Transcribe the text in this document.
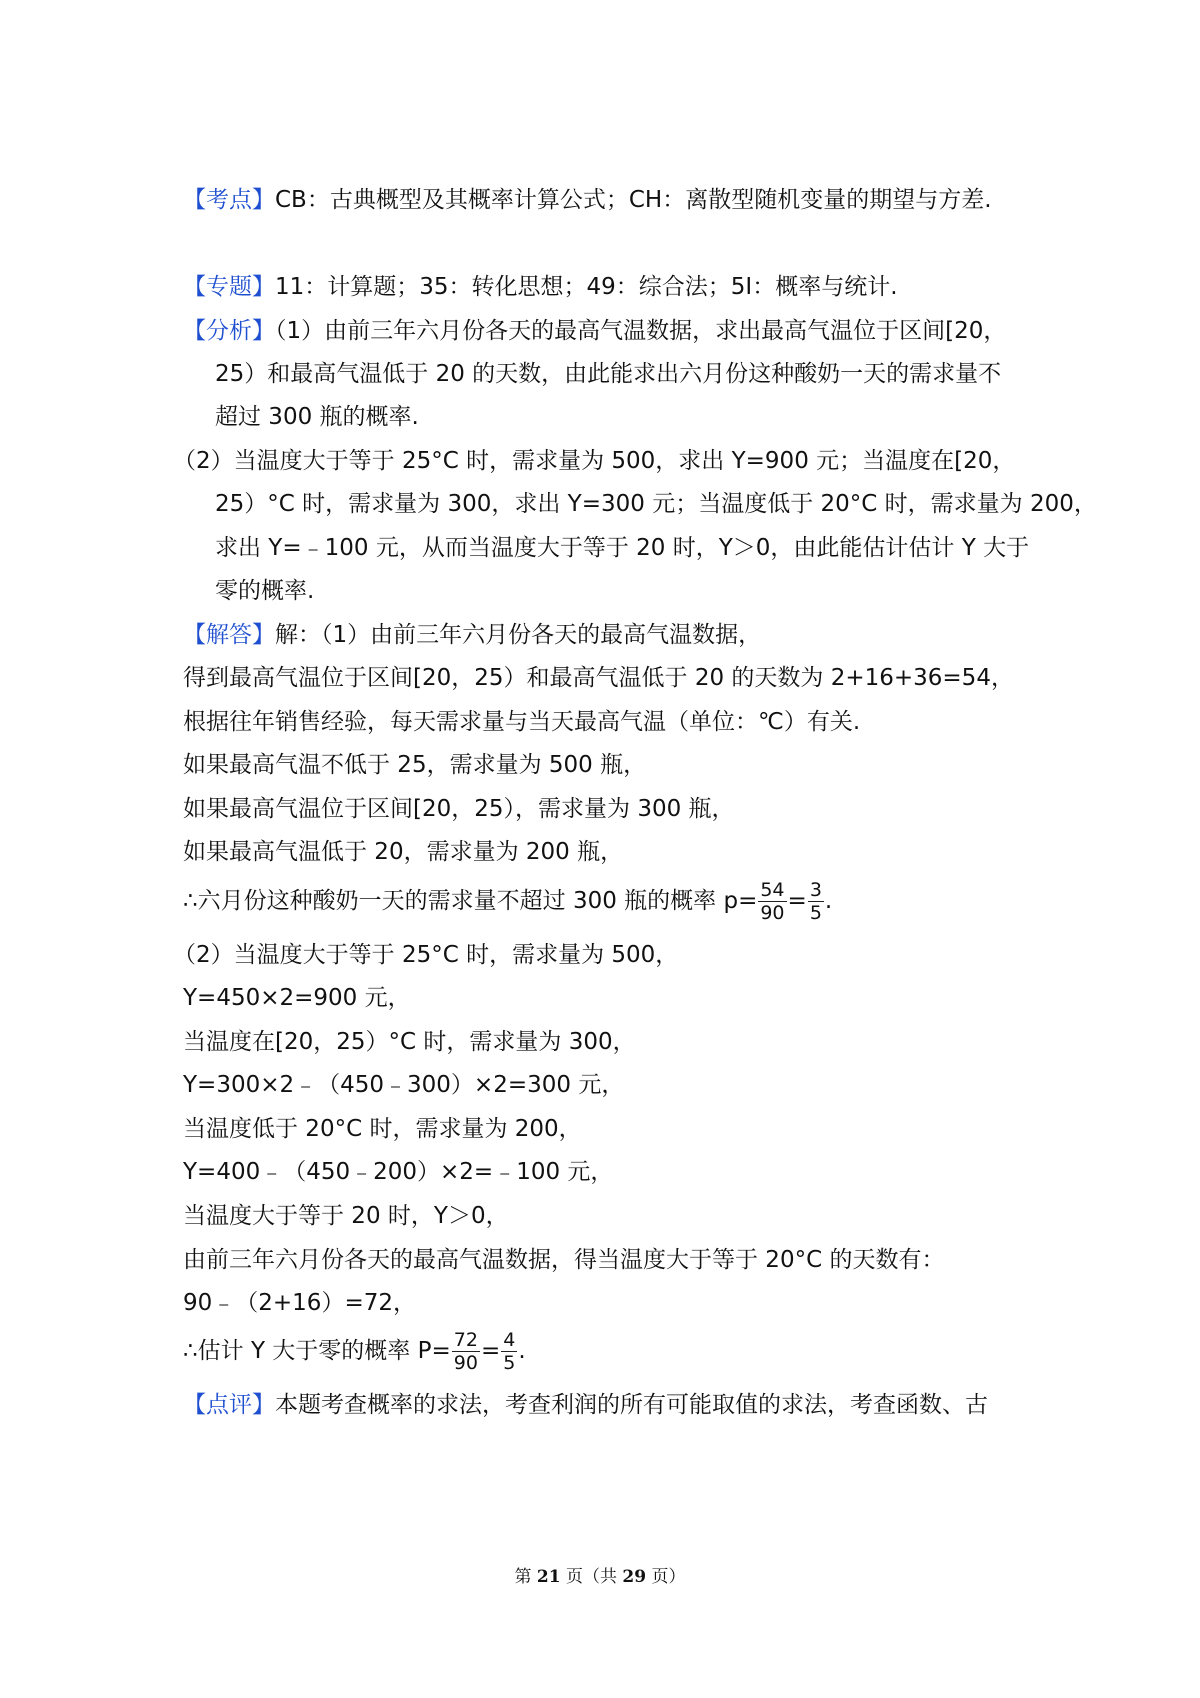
【考点】CB：古典概型及其概率计算公式；CH：离散型随机变量的期望与方差.
【专题】11：计算题；35：转化思想；49：综合法；5I：概率与统计.
【分析】（1）由前三年六月份各天的最高气温数据，求出最高气温位于区间[20，
25）和最高气温低于 20 的天数，由此能求出六月份这种酸奶一天的需求量不
超过 300 瓶的概率.
（2）当温度大于等于 25°C 时，需求量为 500，求出 Y=900 元；当温度在[20，
25）°C 时，需求量为 300，求出 Y=300 元；当温度低于 20°C 时，需求量为 200，
求出 Y=﹣100 元，从而当温度大于等于 20 时，Y＞0，由此能估计估计 Y 大于
零的概率.
【解答】解：（1）由前三年六月份各天的最高气温数据，
得到最高气温位于区间[20，25）和最高气温低于 20 的天数为 2+16+36=54，
根据往年销售经验，每天需求量与当天最高气温（单位：℃）有关.
如果最高气温不低于 25，需求量为 500 瓶，
如果最高气温位于区间[20，25），需求量为 300 瓶，
如果最高气温低于 20，需求量为 200 瓶，
∴六月份这种酸奶一天的需求量不超过 300 瓶的概率 $p= \frac{54}{90} = \frac{3}{5}$ .
（2）当温度大于等于 25°C 时，需求量为 500，
Y=450×2=900 元，
当温度在[20，25）°C 时，需求量为 300，
Y=300×2﹣（450﹣300）×2=300 元，
当温度低于 20°C 时，需求量为 200，
Y=400﹣（450﹣200）×2=﹣100 元，
当温度大于等于 20 时，Y＞0，
由前三年六月份各天的最高气温数据，得当温度大于等于 20°C 的天数有：
90﹣（2+16）=72，
∴估计 Y 大于零的概率 $P= \frac{72}{90} = \frac{4}{5}$ .
【点评】本题考查概率的求法，考查利润的所有可能取值的求法，考查函数、古
第 21 页（共 29 页）
